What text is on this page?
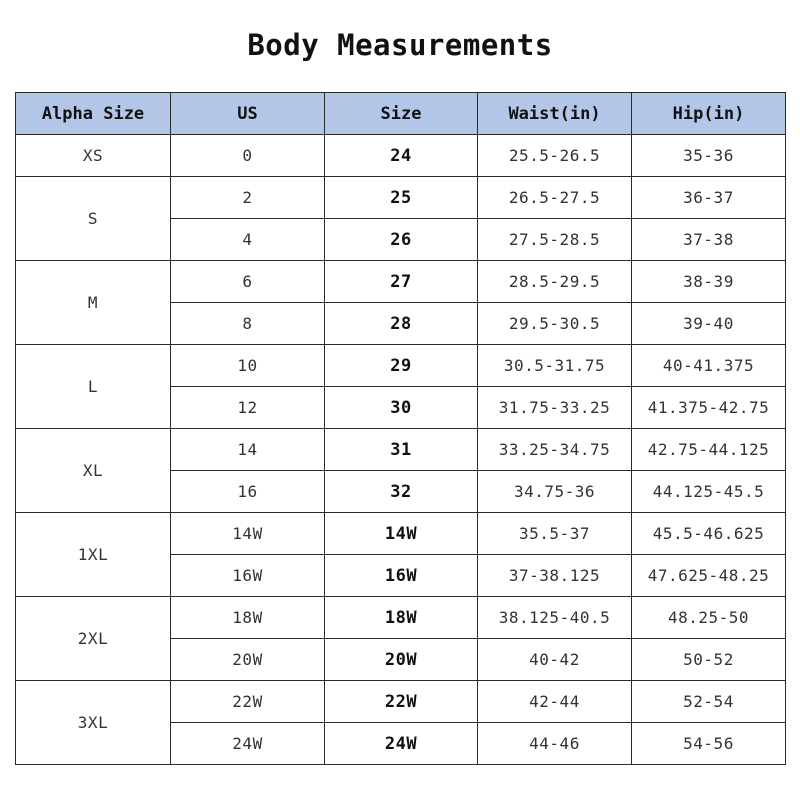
Body Measurements
Alpha Size	US	Size	Waist(in)	Hip(in)
XS	0	24	25.5-26.5	35-36
S	2	25	26.5-27.5	36-37
	4	26	27.5-28.5	37-38
M	6	27	28.5-29.5	38-39
	8	28	29.5-30.5	39-40
L	10	29	30.5-31.75	40-41.375
	12	30	31.75-33.25	41.375-42.75
XL	14	31	33.25-34.75	42.75-44.125
	16	32	34.75-36	44.125-45.5
1XL	14W	14W	35.5-37	45.5-46.625
	16W	16W	37-38.125	47.625-48.25
2XL	18W	18W	38.125-40.5	48.25-50
	20W	20W	40-42	50-52
3XL	22W	22W	42-44	52-54
	24W	24W	44-46	54-56
